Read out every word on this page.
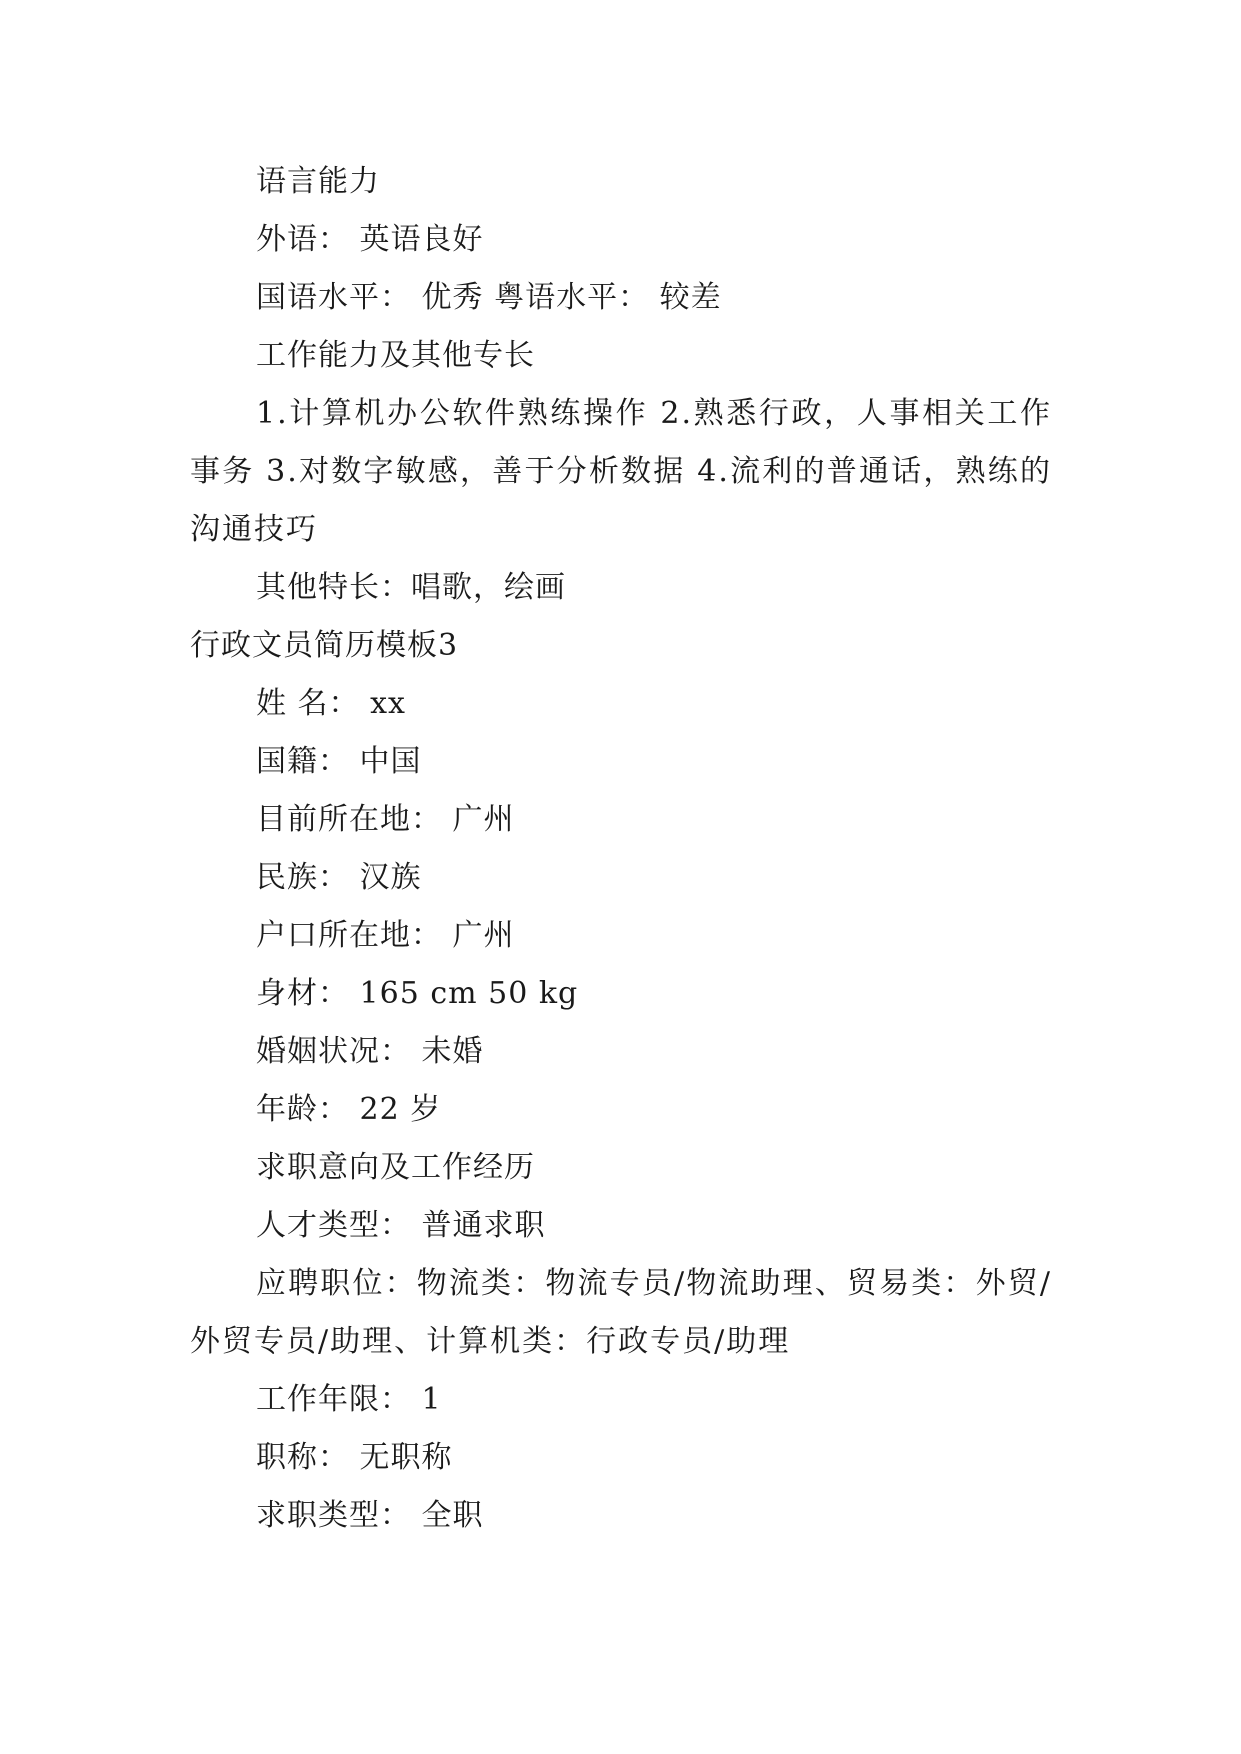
语言能力
外语： 英语良好
国语水平： 优秀 粤语水平： 较差
工作能力及其他专长

1.计算机办公软件熟练操作 2.熟悉行政，人事相关工作事务 3.对数字敏感，善于分析数据 4.流利的普通话，熟练的沟通技巧

其他特长：唱歌，绘画
行政文员简历模板3
姓 名： xx
国籍： 中国
目前所在地： 广州
民族： 汉族
户口所在地： 广州
身材： 165 cm 50 kg
婚姻状况： 未婚
年龄： 22 岁
求职意向及工作经历
人才类型： 普通求职

应聘职位：物流类：物流专员/物流助理、贸易类：外贸/外贸专员/助理、计算机类：行政专员/助理

工作年限： 1
职称： 无职称
求职类型： 全职
